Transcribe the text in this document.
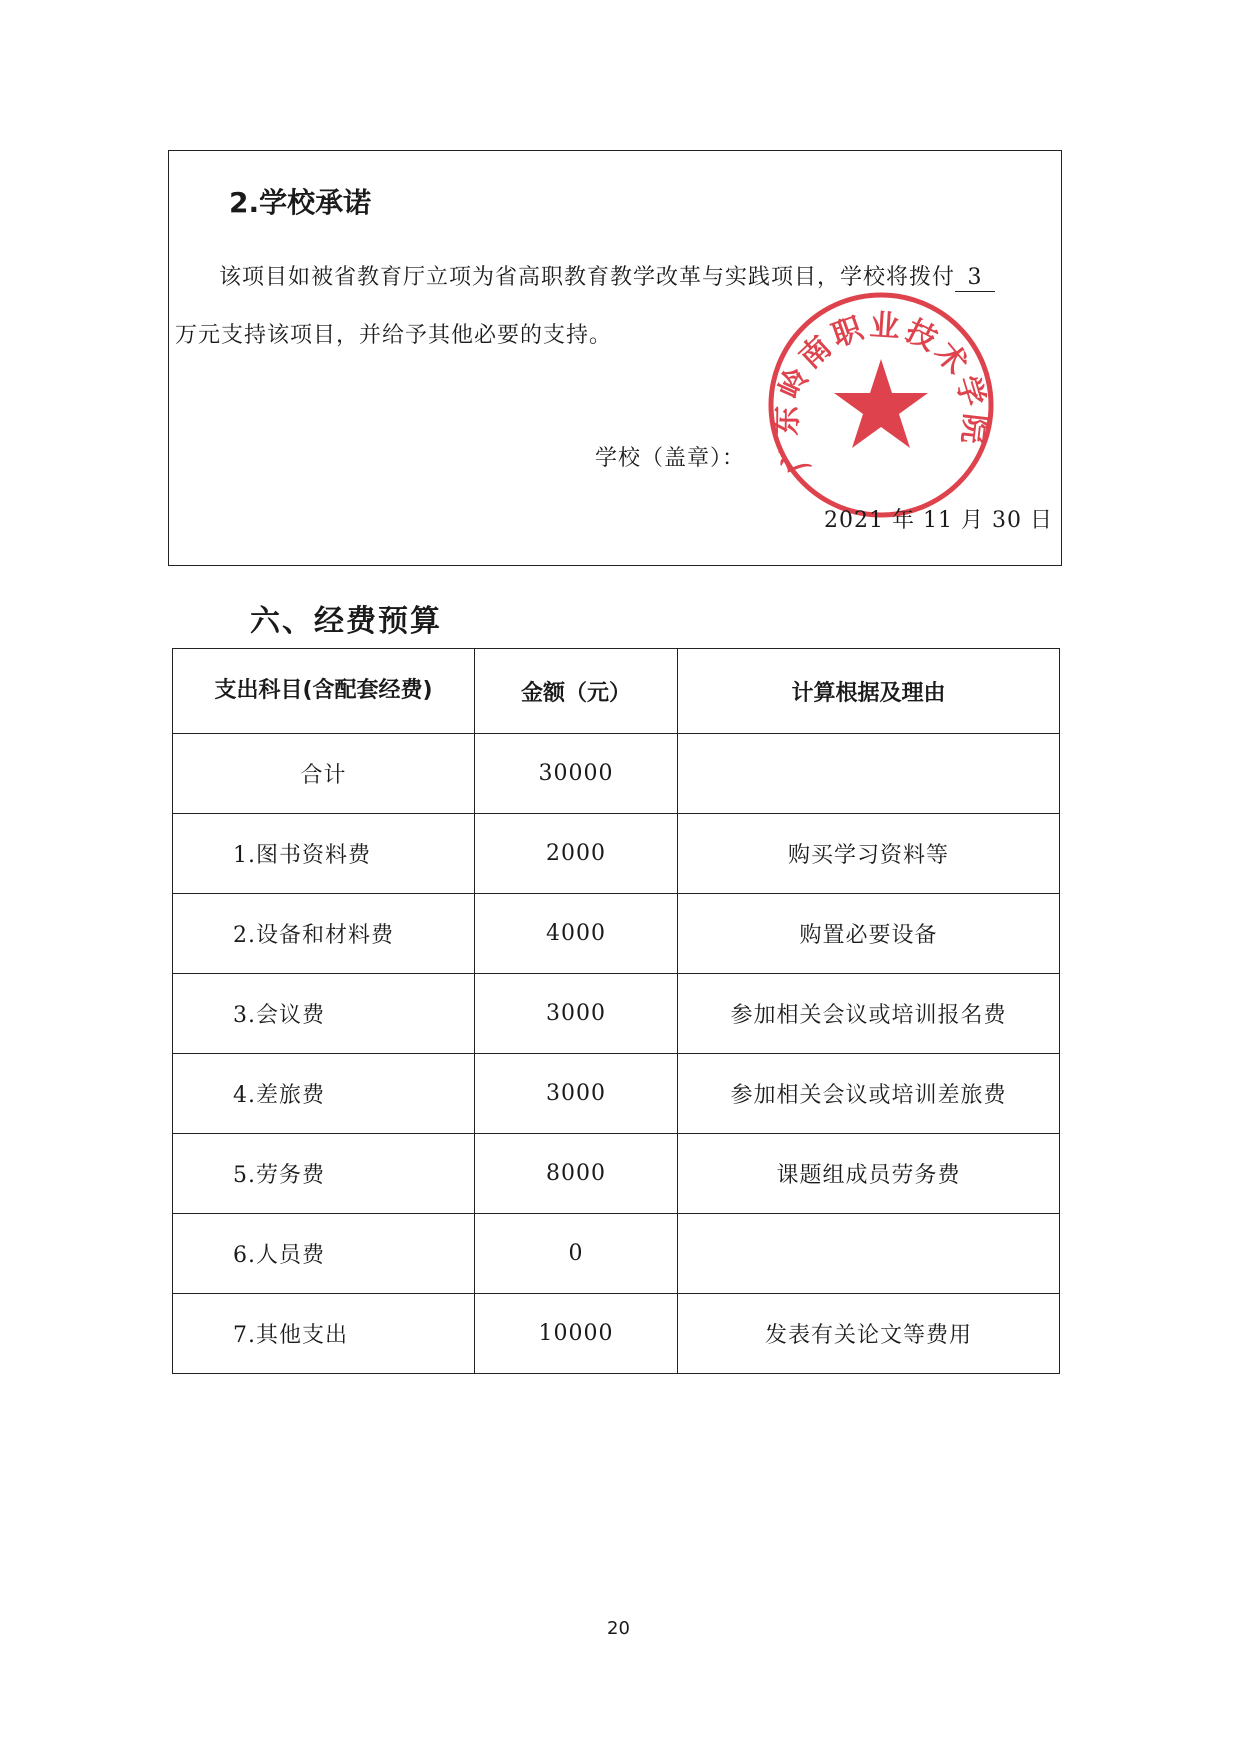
2.学校承诺
该项目如被省教育厅立项为省高职教育教学改革与实践项目，学校将拨付 3
万元支持该项目，并给予其他必要的支持。
广东岭南职业技术学院
学校（盖章）：
2021 年 11 月 30 日
六、经费预算
支出科目(含配套经费)	金额（元）	计算根据及理由
合计	30000	
1.图书资料费	2000	购买学习资料等
2.设备和材料费	4000	购置必要设备
3.会议费	3000	参加相关会议或培训报名费
4.差旅费	3000	参加相关会议或培训差旅费
5.劳务费	8000	课题组成员劳务费
6.人员费	0	
7.其他支出	10000	发表有关论文等费用
20
